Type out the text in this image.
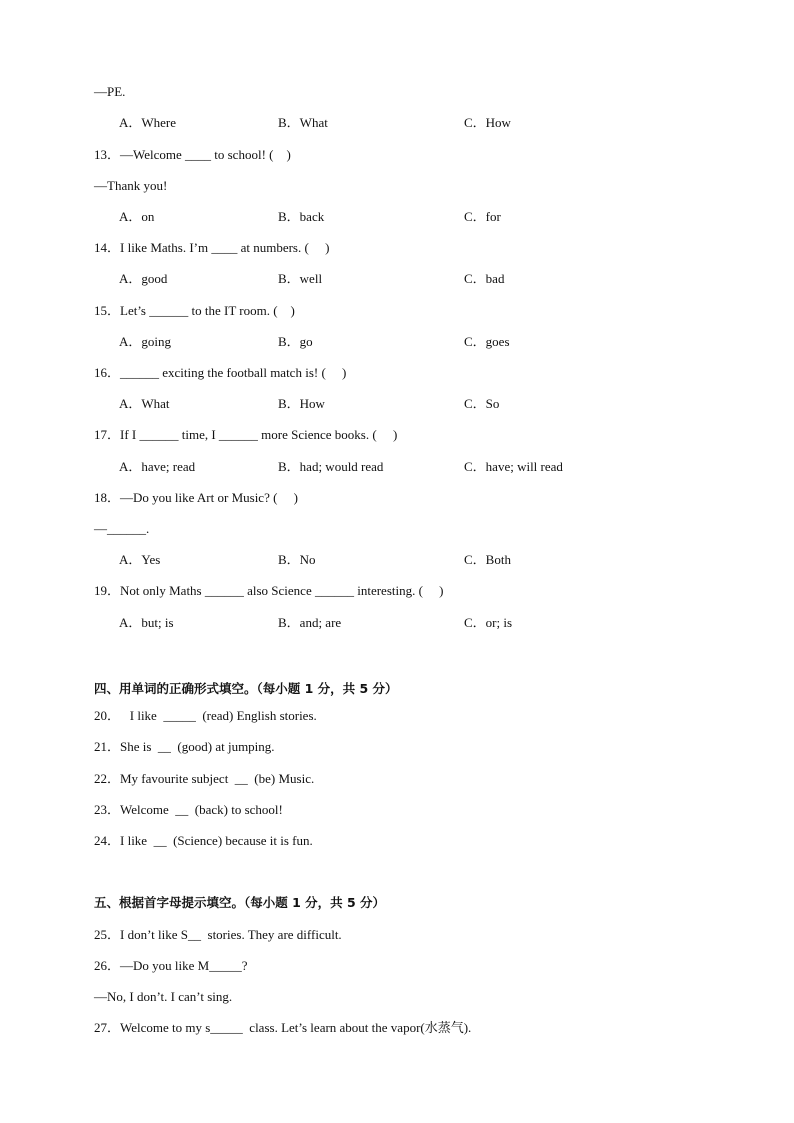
—PE.
A．Where	B．What	C．How
13．—Welcome ____ to school! (    )
—Thank you!
A．on	B．back	C．for
14．I like Maths. I’m ____ at numbers. (     )
A．good	B．well	C．bad
15．Let’s ______ to the IT room. (    )
A．going	B．go	C．goes
16．______ exciting the football match is! (     )
A．What	B．How	C．So
17．If I ______ time, I ______ more Science books. (     )
A．have; read	B．had; would read	C．have; will read
18．—Do you like Art or Music? (     )
—______.
A．Yes	B．No	C．Both
19．Not only Maths ______ also Science ______ interesting. (     )
A．but; is	B．and; are	C．or; is
四、用单词的正确形式填空。（每小题 1 分，共 5 分）
20．   I like  _____  (read) English stories.
21．She is  __  (good) at jumping.
22．My favourite subject  __  (be) Music.
23．Welcome  __  (back) to school!
24．I like  __  (Science) because it is fun.
五、根据首字母提示填空。（每小题 1 分，共 5 分）
25．I don’t like S__  stories. They are difficult.
26．—Do you like M_____?
—No, I don’t. I can’t sing.
27．Welcome to my s_____  class. Let’s learn about the vapor(水蒸气).
